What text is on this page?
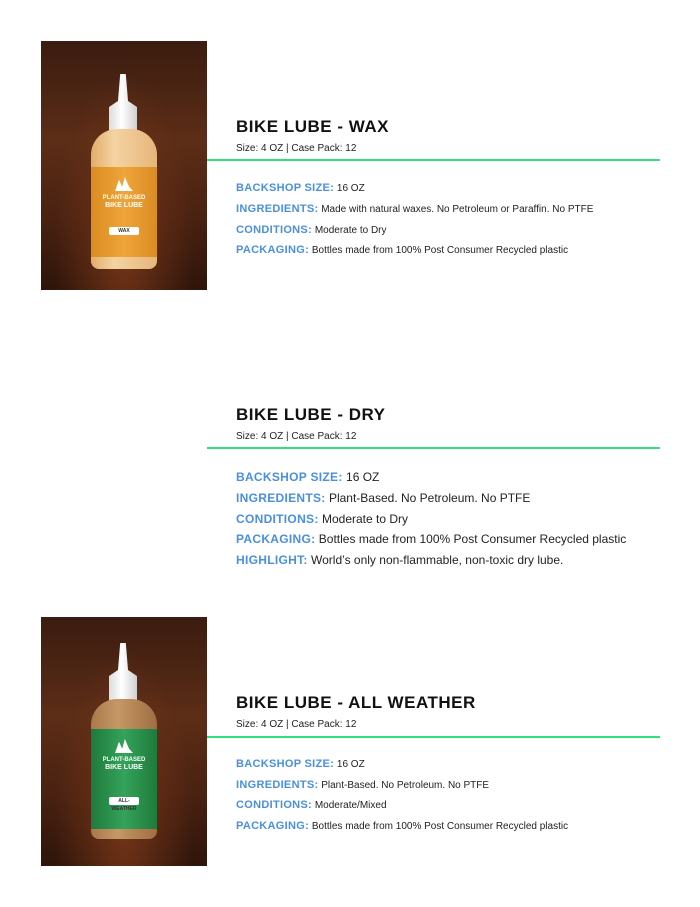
PLANT-BASED
BIKE LUBE
WAX
BIKE LUBE - WAX
Size: 4 OZ | Case Pack: 12
BACKSHOP SIZE: 16 OZ
INGREDIENTS: Made with natural waxes. No Petroleum or Paraffin. No PTFE
CONDITIONS: Moderate to Dry
PACKAGING: Bottles made from 100% Post Consumer Recycled plastic
BIKE LUBE - DRY
Size: 4 OZ | Case Pack: 12
BACKSHOP SIZE: 16 OZ
INGREDIENTS: Plant-Based. No Petroleum. No PTFE
CONDITIONS: Moderate to Dry
PACKAGING: Bottles made from 100% Post Consumer Recycled plastic
HIGHLIGHT: World’s only non-flammable, non-toxic dry lube.
PLANT-BASED
BIKE LUBE
ALL-WEATHER
BIKE LUBE - ALL WEATHER
Size: 4 OZ | Case Pack: 12
BACKSHOP SIZE: 16 OZ
INGREDIENTS: Plant-Based. No Petroleum. No PTFE
CONDITIONS: Moderate/Mixed
PACKAGING: Bottles made from 100% Post Consumer Recycled plastic
